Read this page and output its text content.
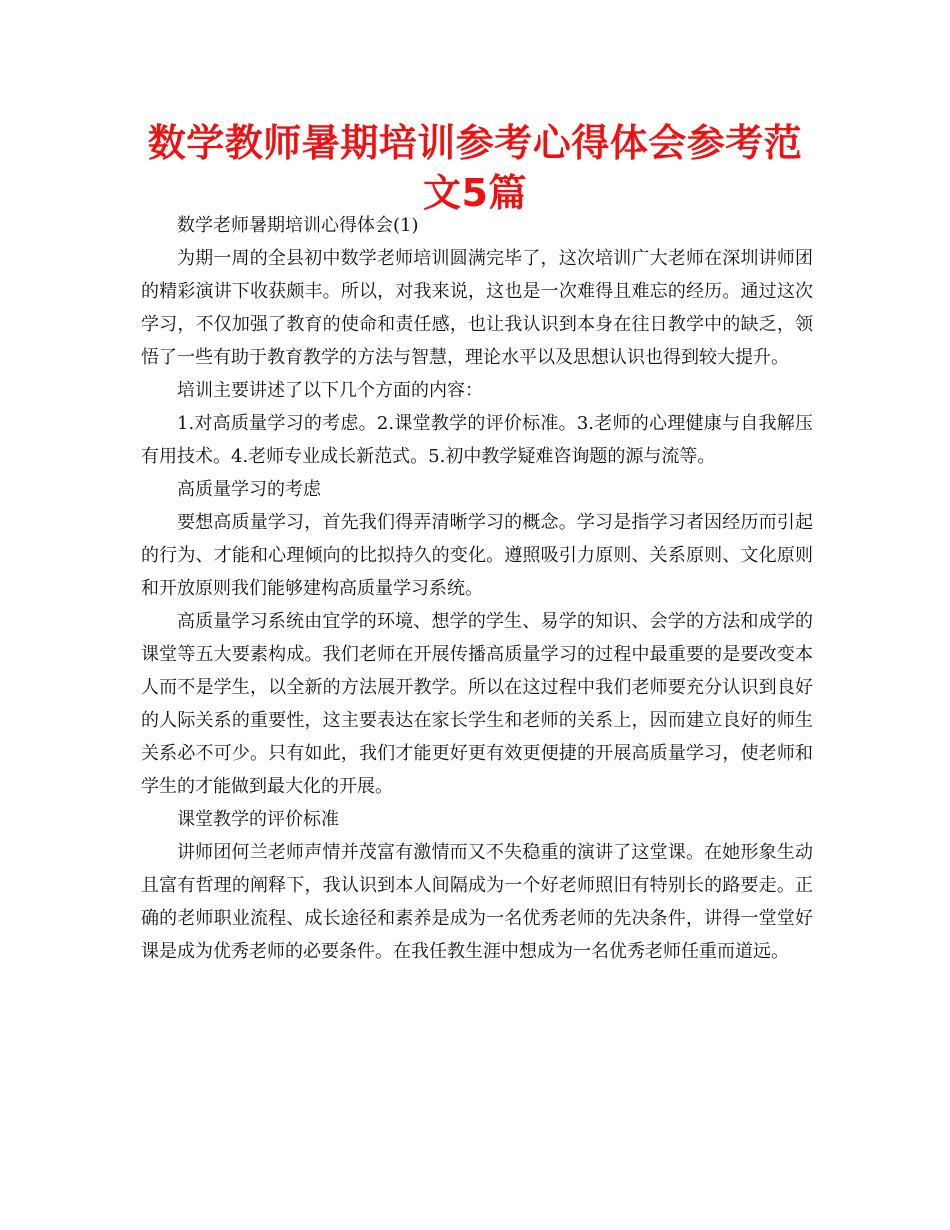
数学教师暑期培训参考心得体会参考范文5篇

数学老师暑期培训心得体会(1)

为期一周的全县初中数学老师培训圆满完毕了，这次培训广大老师在深圳讲师团的精彩演讲下收获颇丰。所以，对我来说，这也是一次难得且难忘的经历。通过这次学习，不仅加强了教育的使命和责任感，也让我认识到本身在往日教学中的缺乏，领悟了一些有助于教育教学的方法与智慧，理论水平以及思想认识也得到较大提升。

培训主要讲述了以下几个方面的内容：

1.对高质量学习的考虑。2.课堂教学的评价标准。3.老师的心理健康与自我解压有用技术。4.老师专业成长新范式。5.初中教学疑难咨询题的源与流等。

高质量学习的考虑

要想高质量学习，首先我们得弄清晰学习的概念。学习是指学习者因经历而引起的行为、才能和心理倾向的比拟持久的变化。遵照吸引力原则、关系原则、文化原则和开放原则我们能够建构高质量学习系统。

高质量学习系统由宜学的环境、想学的学生、易学的知识、会学的方法和成学的课堂等五大要素构成。我们老师在开展传播高质量学习的过程中最重要的是要改变本人而不是学生，以全新的方法展开教学。所以在这过程中我们老师要充分认识到良好的人际关系的重要性，这主要表达在家长学生和老师的关系上，因而建立良好的师生关系必不可少。只有如此，我们才能更好更有效更便捷的开展高质量学习，使老师和学生的才能做到最大化的开展。

课堂教学的评价标准

讲师团何兰老师声情并茂富有激情而又不失稳重的演讲了这堂课。在她形象生动且富有哲理的阐释下，我认识到本人间隔成为一个好老师照旧有特别长的路要走。正确的老师职业流程、成长途径和素养是成为一名优秀老师的先决条件，讲得一堂堂好课是成为优秀老师的必要条件。在我任教生涯中想成为一名优秀老师任重而道远。
